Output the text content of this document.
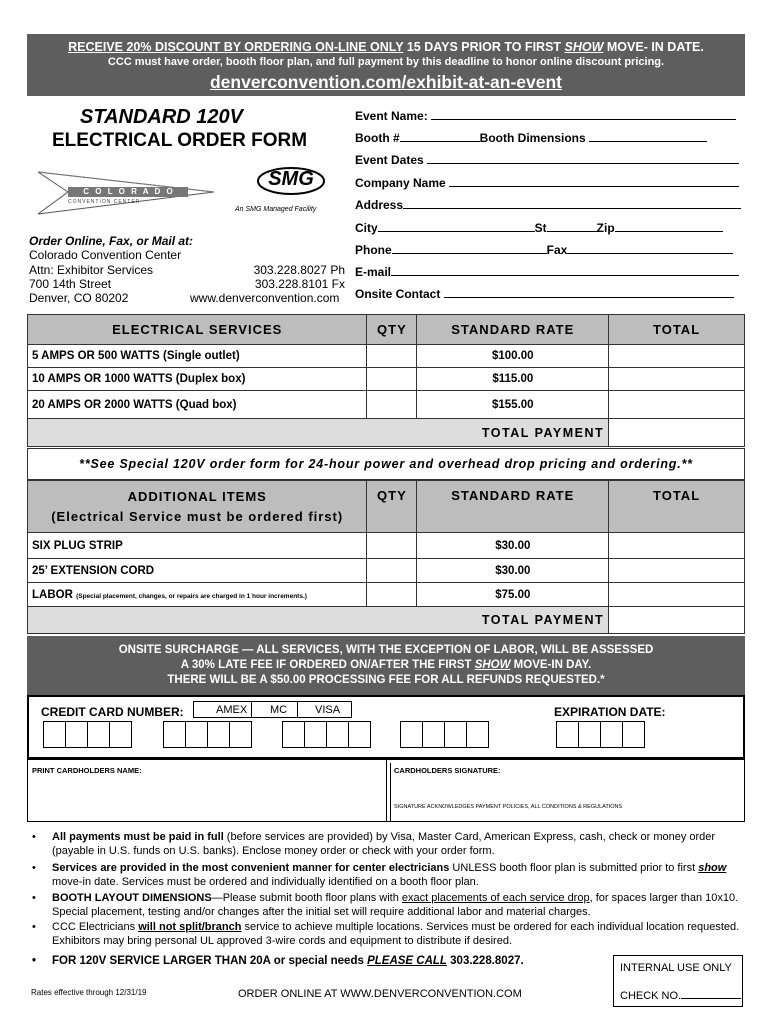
RECEIVE 20% DISCOUNT BY ORDERING ON-LINE ONLY 15 DAYS PRIOR TO FIRST SHOW MOVE- IN DATE.
CCC must have order, booth floor plan, and full payment by this deadline to honor online discount pricing.
denverconvention.com/exhibit-at-an-event
STANDARD 120V
ELECTRICAL ORDER FORM
C O L O R A D O
CONVENTION CENTER
SMG
An SMG Managed Facility
Order Online, Fax, or Mail at:
Colorado Convention Center
Attn: Exhibitor Services
700 14th Street
Denver, CO 80202
303.228.8027 Ph
303.228.8101 Fx
www.denverconvention.com
Event Name:
Booth #	Booth Dimensions
Event Dates
Company Name
Address
City	St	Zip
Phone	Fax
E-mail
Onsite Contact
ELECTRICAL SERVICES	QTY	STANDARD RATE	TOTAL
5 AMPS OR 500 WATTS (Single outlet)		$100.00	
10 AMPS OR 1000 WATTS (Duplex box)		$115.00	
20 AMPS OR 2000 WATTS (Quad box)		$155.00	
TOTAL PAYMENT			
**See Special 120V order form for 24-hour power and overhead drop pricing and ordering.**
ADDITIONAL ITEMS
(Electrical Service must be ordered first)	QTY	STANDARD RATE	TOTAL
SIX PLUG STRIP		$30.00	
25’ EXTENSION CORD		$30.00	
LABOR (Special placement, changes, or repairs are charged in 1 hour increments.)		$75.00	
TOTAL PAYMENT			
ONSITE SURCHARGE — ALL SERVICES, WITH THE EXCEPTION OF LABOR, WILL BE ASSESSED
A 30% LATE FEE IF ORDERED ON/AFTER THE FIRST SHOW MOVE-IN DAY.
THERE WILL BE A $50.00 PROCESSING FEE FOR ALL REFUNDS REQUESTED.*
CREDIT CARD NUMBER:	AMEX	MC	VISA	EXPIRATION DATE:
PRINT CARDHOLDERS NAME:	CARDHOLDERS SIGNATURE:
SIGNATURE ACKNOWLEDGES PAYMENT POLICIES, ALL CONDITIONS & REGULATIONS
• All payments must be paid in full (before services are provided) by Visa, Master Card, American Express, cash, check or money order (payable in U.S. funds on U.S. banks). Enclose money order or check with your order form.
• Services are provided in the most convenient manner for center electricians UNLESS booth floor plan is submitted prior to first show move-in date. Services must be ordered and individually identified on a booth floor plan.
• BOOTH LAYOUT DIMENSIONS—Please submit booth floor plans with exact placements of each service drop, for spaces larger than 10x10. Special placement, testing and/or changes after the initial set will require additional labor and material charges.
• CCC Electricians will not split/branch service to achieve multiple locations. Services must be ordered for each individual location requested. Exhibitors may bring personal UL approved 3-wire cords and equipment to distribute if desired.
• FOR 120V SERVICE LARGER THAN 20A or special needs PLEASE CALL 303.228.8027.
Rates effective through 12/31/19	ORDER ONLINE AT WWW.DENVERCONVENTION.COM
INTERNAL USE ONLY
CHECK NO.
